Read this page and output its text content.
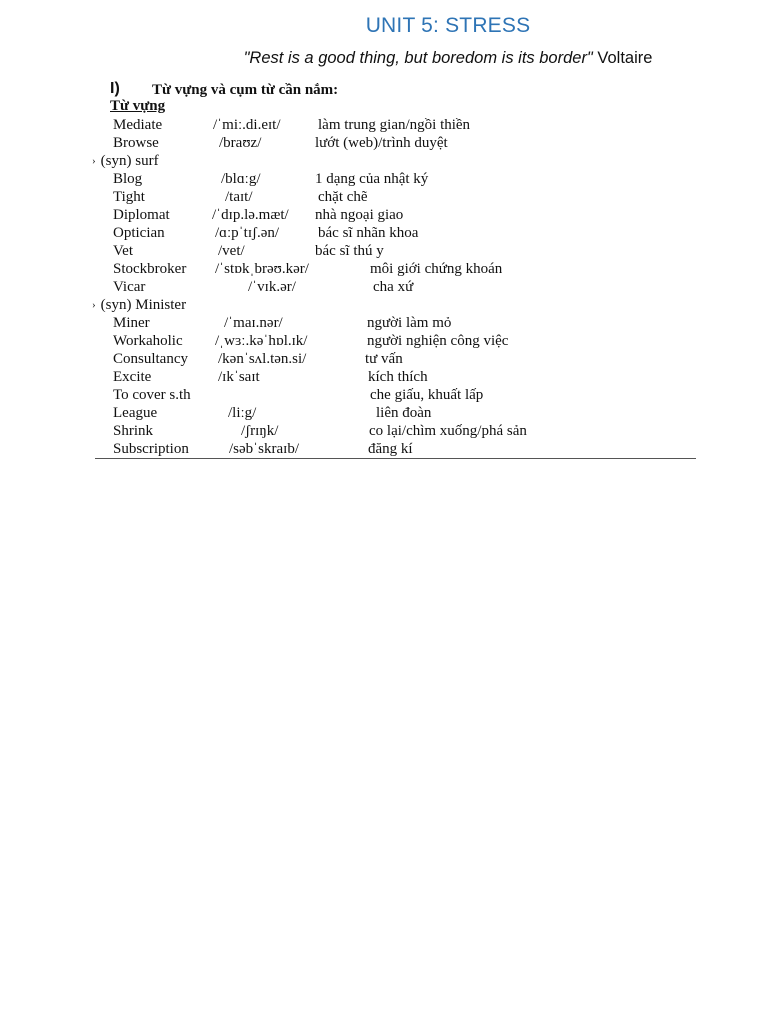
UNIT 5: STRESS
"Rest is a good thing, but boredom is its border" Voltaire
I) Từ vựng và cụm từ cần nắm:
Từ vựng
Mediate	/ˈmiː.di.eɪt/	làm trung gian/ngồi thiền
Browse	/braʊz/	lướt (web)/trình duyệt
› (syn) surf
Blog	/blɑːg/	1 dạng của nhật ký
Tight	/taɪt/	chặt chẽ
Diplomat	/ˈdɪp.lə.mæt/ nhà ngoại giao
Optician	/ɑːpˈtɪʃ.ən/	bác sĩ nhãn khoa
Vet	/vet/	bác sĩ thú y
Stockbroker /ˈstɒkˌbrəʊ.kər/	môi giới chứng khoán
Vicar	/ˈvɪk.ər/	cha xứ
› (syn) Minister
Miner	/ˈmaɪ.nər/	người làm mỏ
Workaholic /ˌwɜː.kəˈhɒl.ɪk/	người nghiện công việc
Consultancy /kənˈsʌl.tən.si/	tư vấn
Excite	/ɪkˈsaɪt	kích thích
To cover s.th	che giấu, khuất lấp
League	/liːg/	liên đoàn
Shrink	/ʃrɪŋk/	co lại/chìm xuống/phá sản
Subscription	/səbˈskraɪb/	đăng kí
